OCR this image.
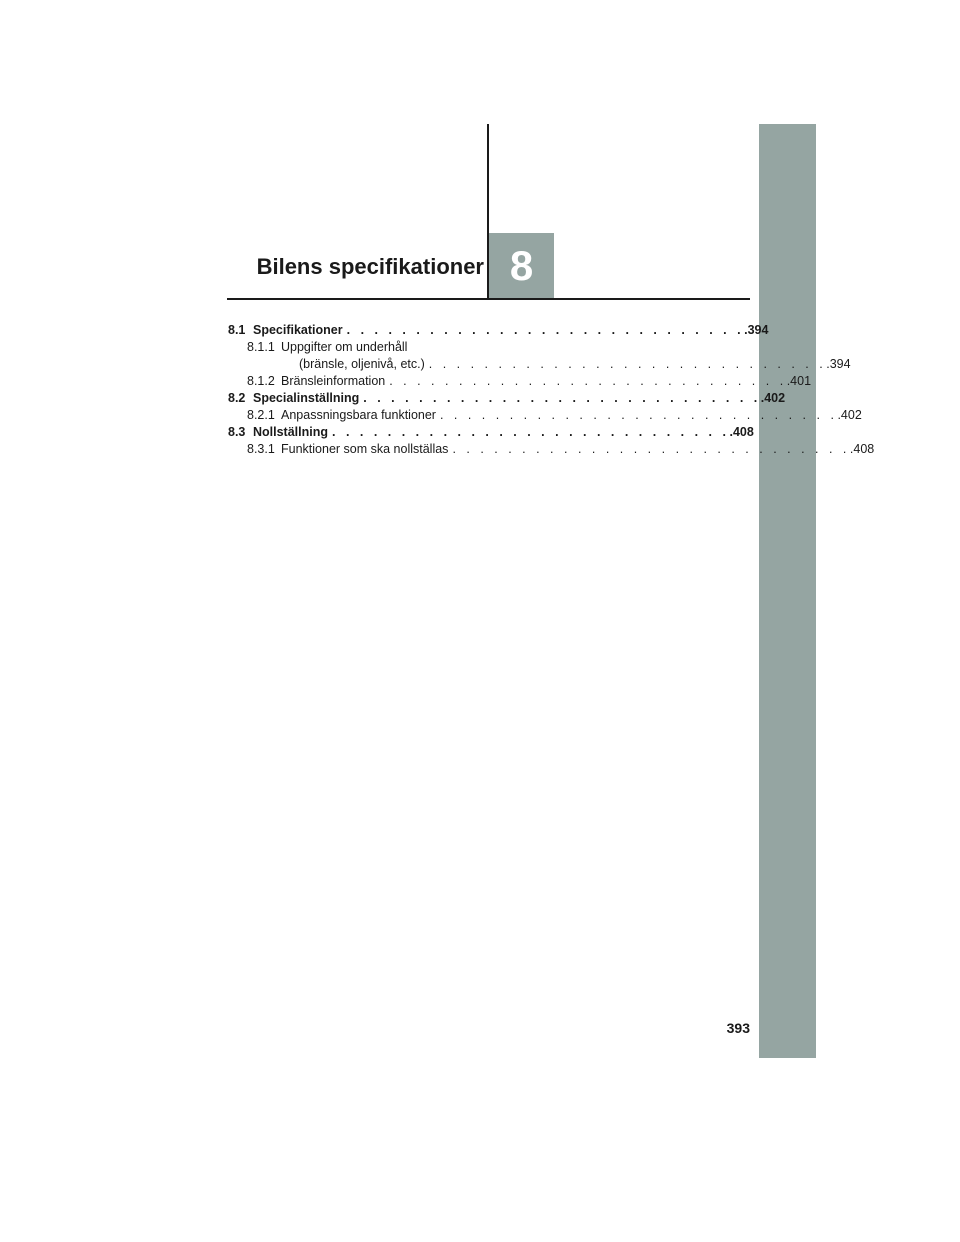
Bilens specifikationer 8
8.1 Specifikationer . . . . . . . . . . . . . . . . . . . . . . . . . . . . . .394
8.1.1 Uppgifter om underhåll
(bränsle, oljenivå, etc.) . . . . . . . . . . . . . . . . . . . . . . . . . . . . . .394
8.1.2 Bränsleinformation . . . . . . . . . . . . . . . . . . . . . . . . . . . . . .401
8.2 Specialinställning . . . . . . . . . . . . . . . . . . . . . . . . . . . . . .402
8.2.1 Anpassningsbara funktioner . . . . . . . . . . . . . . . . . . . . . . . . . . . . . .402
8.3 Nollställning . . . . . . . . . . . . . . . . . . . . . . . . . . . . . .408
8.3.1 Funktioner som ska nollställas . . . . . . . . . . . . . . . . . . . . . . . . . . . . . .408
393
